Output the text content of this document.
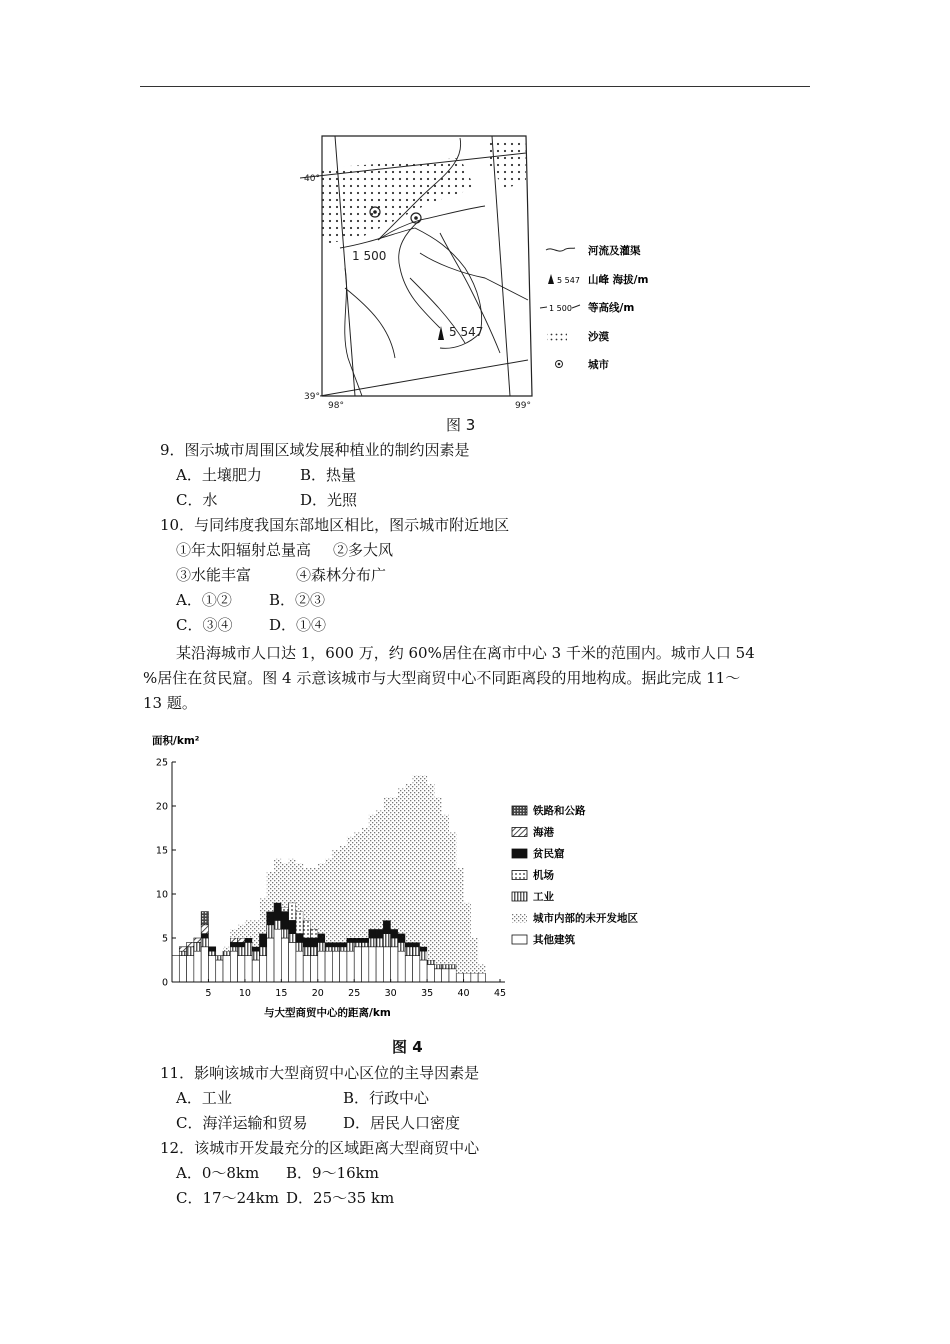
1 500
5 547
40°
39°
98°	99°
河流及灌渠
5 547 山峰 海拔/m
1 500 等高线/m
沙漠
城市
图 3
9．图示城市周围区域发展种植业的制约因素是
A．土壤肥力	B．热量
C．水	D．光照
10．与同纬度我国东部地区相比，图示城市附近地区
①年太阳辐射总量高 ②多大风
③水能丰富	④森林分布广
A．①② B．②③
C．③④ D．①④
某沿海城市人口达 1，600 万，约 60%居住在离市中心 3 千米的范围内。城市人口 54
%居住在贫民窟。图 4 示意该城市与大型商贸中心不同距离段的用地构成。据此完成 11～
13 题。
0
5
10
15
20
25
5	10	15	20	25	30	35	40	45
面积/km²
与大型商贸中心的距离/km
铁路和公路
海港
贫民窟
机场
工业
城市内部的未开发地区
其他建筑
图 4
11．影响该城市大型商贸中心区位的主导因素是
A．工业	B．行政中心
C．海洋运输和贸易 D．居民人口密度
12．该城市开发最充分的区域距离大型商贸中心
A．0～8km B．9～16km
C．17～24km D．25～35 km
